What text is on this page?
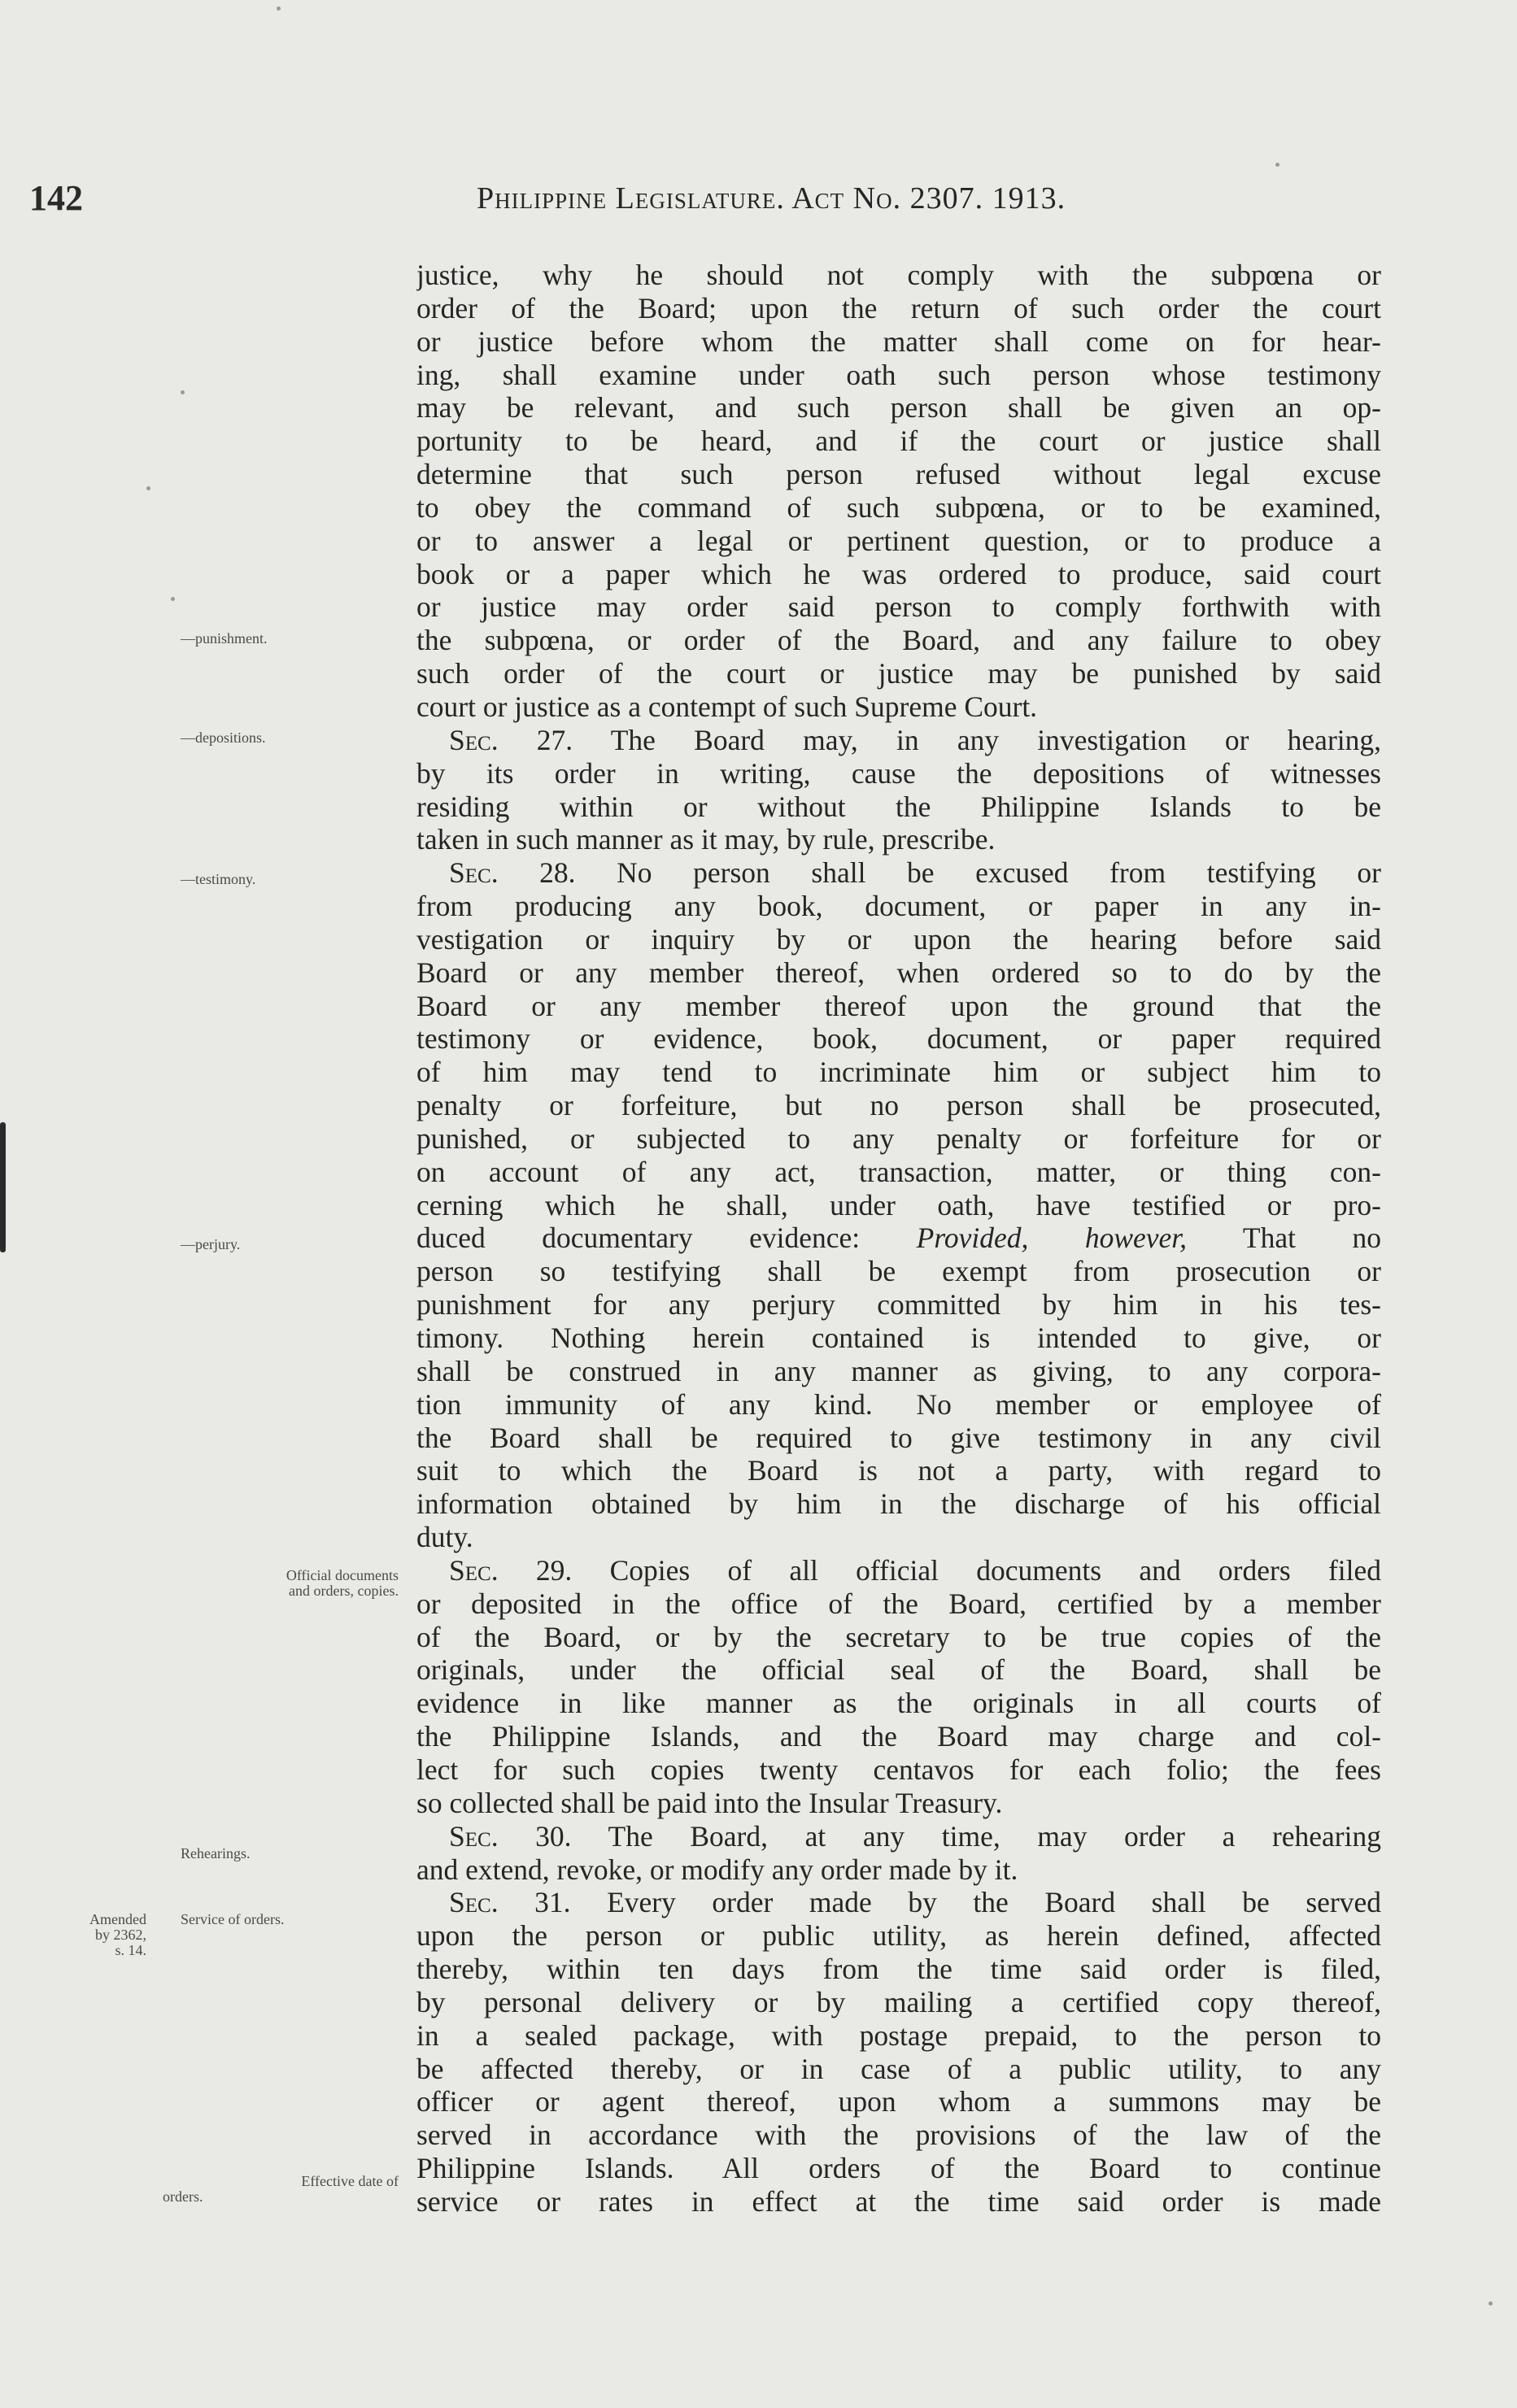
142	Philippine Legislature. Act No. 2307. 1913.
—punishment.
—depositions.
—testimony.
—perjury.
Official documents
and orders, copies.
Rehearings.
Amended
by 2362,
s. 14.
Service of orders.
Effective date of
orders.
justice, why he should not comply with the subpœna or
order of the Board; upon the return of such order the court
or justice before whom the matter shall come on for hear-
ing, shall examine under oath such person whose testimony
may be relevant, and such person shall be given an op-
portunity to be heard, and if the court or justice shall
determine that such person refused without legal excuse
to obey the command of such subpœna, or to be examined,
or to answer a legal or pertinent question, or to produce a
book or a paper which he was ordered to produce, said court
or justice may order said person to comply forthwith with
the subpœna, or order of the Board, and any failure to obey
such order of the court or justice may be punished by said
court or justice as a contempt of such Supreme Court.
Sec. 27. The Board may, in any investigation or hearing,
by its order in writing, cause the depositions of witnesses
residing within or without the Philippine Islands to be
taken in such manner as it may, by rule, prescribe.
Sec. 28. No person shall be excused from testifying or
from producing any book, document, or paper in any in-
vestigation or inquiry by or upon the hearing before said
Board or any member thereof, when ordered so to do by the
Board or any member thereof upon the ground that the
testimony or evidence, book, document, or paper required
of him may tend to incriminate him or subject him to
penalty or forfeiture, but no person shall be prosecuted,
punished, or subjected to any penalty or forfeiture for or
on account of any act, transaction, matter, or thing con-
cerning which he shall, under oath, have testified or pro-
duced documentary evidence: Provided, however, That no
person so testifying shall be exempt from prosecution or
punishment for any perjury committed by him in his tes-
timony. Nothing herein contained is intended to give, or
shall be construed in any manner as giving, to any corpora-
tion immunity of any kind. No member or employee of
the Board shall be required to give testimony in any civil
suit to which the Board is not a party, with regard to
information obtained by him in the discharge of his official
duty.
Sec. 29. Copies of all official documents and orders filed
or deposited in the office of the Board, certified by a member
of the Board, or by the secretary to be true copies of the
originals, under the official seal of the Board, shall be
evidence in like manner as the originals in all courts of
the Philippine Islands, and the Board may charge and col-
lect for such copies twenty centavos for each folio; the fees
so collected shall be paid into the Insular Treasury.
Sec. 30. The Board, at any time, may order a rehearing
and extend, revoke, or modify any order made by it.
Sec. 31. Every order made by the Board shall be served
upon the person or public utility, as herein defined, affected
thereby, within ten days from the time said order is filed,
by personal delivery or by mailing a certified copy thereof,
in a sealed package, with postage prepaid, to the person to
be affected thereby, or in case of a public utility, to any
officer or agent thereof, upon whom a summons may be
served in accordance with the provisions of the law of the
Philippine Islands. All orders of the Board to continue
service or rates in effect at the time said order is made
